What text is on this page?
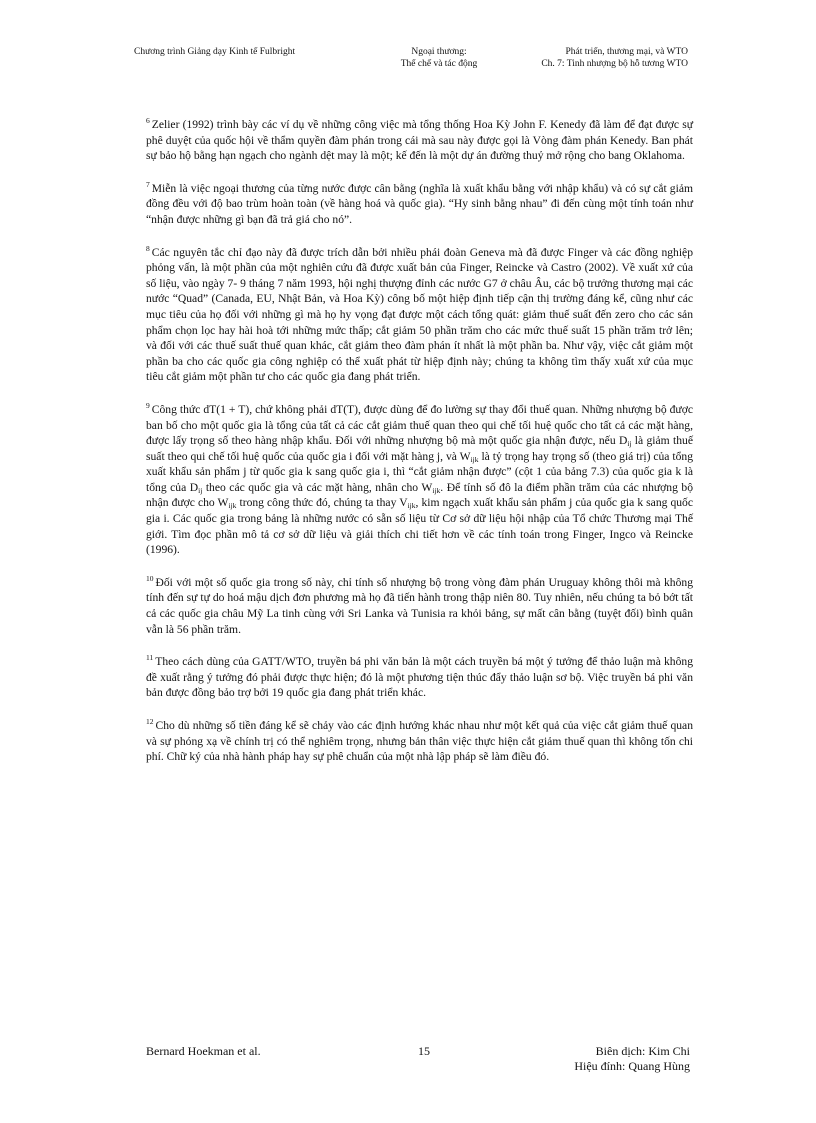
Chương trình Giảng dạy Kinh tế Fulbright	Ngoại thương:
Thể chế và tác động
Phát triển, thương mại, và WTO
Ch. 7: Tinh nhượng bộ hỗ tương WTO

$^6$ Zelier (1992) trình bày các ví dụ về những công việc mà tổng thống Hoa Kỳ John F. Kenedy đã làm để đạt được sự phê duyệt của quốc hội về thẩm quyền đàm phán trong cái mà sau này được gọi là Vòng đàm phán Kenedy. Ban phát sự bảo hộ bằng hạn ngạch cho ngành dệt may là một; kế đến là một dự án đường thuỷ mở rộng cho bang Oklahoma.

$^7$ Miễn là việc ngoại thương của từng nước được cân bằng (nghĩa là xuất khẩu bằng với nhập khẩu) và có sự cắt giảm đồng đều với độ bao trùm hoàn toàn (về hàng hoá và quốc gia). “Hy sinh bằng nhau” đi đến cùng một tính toán như “nhận được những gì bạn đã trả giá cho nó”.

$^8$ Các nguyên tắc chỉ đạo này đã được trích dẫn bởi nhiều phái đoàn Geneva mà đã được Finger và các đồng nghiệp phỏng vấn, là một phần của một nghiên cứu đã được xuất bản của Finger, Reincke và Castro (2002). Về xuất xứ của số liệu, vào ngày 7- 9 tháng 7 năm 1993, hội nghị thượng đỉnh các nước G7 ở châu Âu, các bộ trưởng thương mại các nước “Quad” (Canada, EU, Nhật Bản, và Hoa Kỳ) công bố một hiệp định tiếp cận thị trường đáng kể, cũng như các mục tiêu của họ đối với những gì mà họ hy vọng đạt được một cách tổng quát: giảm thuế suất đến zero cho các sản phẩm chọn lọc hay hài hoà tới những mức thấp; cắt giảm 50 phần trăm cho các mức thuế suất 15 phần trăm trở lên; và đối với các thuế suất thuế quan khác, cắt giảm theo đàm phán ít nhất là một phần ba. Như vậy, việc cắt giảm một phần ba cho các quốc gia công nghiệp có thể xuất phát từ hiệp định này; chúng ta không tìm thấy xuất xứ của mục tiêu cắt giảm một phần tư cho các quốc gia đang phát triển.

$^9$ Công thức dT(1 + T), chứ không phải dT(T), được dùng để đo lường sự thay đổi thuế quan. Những nhượng bộ được ban bố cho một quốc gia là tổng của tất cả các cắt giảm thuế quan theo qui chế tối huệ quốc cho tất cả các mặt hàng, được lấy trọng số theo hàng nhập khẩu. Đối với những nhượng bộ mà một quốc gia nhận được, nếu $D_{ij}$ là giảm thuế suất theo qui chế tối huệ quốc của quốc gia i đối với mặt hàng j, và $W_{ijk}$ là tỷ trọng hay trọng số (theo giá trị) của tổng xuất khẩu sản phẩm j từ quốc gia k sang quốc gia i, thì “cắt giảm nhận được” (cột 1 của bảng 7.3) của quốc gia k là tổng của $D_{ij}$ theo các quốc gia và các mặt hàng, nhân cho $W_{ijk}$. Để tính số đô la điểm phần trăm của các nhượng bộ nhận được cho $W_{ijk}$ trong công thức đó, chúng ta thay $V_{ijk}$, kim ngạch xuất khẩu sản phẩm j của quốc gia k sang quốc gia i. Các quốc gia trong bảng là những nước có sẵn số liệu từ Cơ sở dữ liệu hội nhập của Tổ chức Thương mại Thế giới. Tìm đọc phần mô tả cơ sở dữ liệu và giải thích chi tiết hơn về các tính toán trong Finger, Ingco và Reincke (1996).

$^{10}$ Đối với một số quốc gia trong số này, chỉ tính số nhượng bộ trong vòng đàm phán Uruguay không thôi mà không tính đến sự tự do hoá mậu dịch đơn phương mà họ đã tiến hành trong thập niên 80. Tuy nhiên, nếu chúng ta bỏ bớt tất cả các quốc gia châu Mỹ La tinh cùng với Sri Lanka và Tunisia ra khỏi bảng, sự mất cân bằng (tuyệt đối) bình quân vẫn là 56 phần trăm.

$^{11}$ Theo cách dùng của GATT/WTO, truyền bá phi văn bản là một cách truyền bá một ý tưởng để thảo luận mà không đề xuất rằng ý tưởng đó phải được thực hiện; đó là một phương tiện thúc đẩy thảo luận sơ bộ. Việc truyền bá phi văn bản được đồng bảo trợ bởi 19 quốc gia đang phát triển khác.

$^{12}$ Cho dù những số tiền đáng kể sẽ chảy vào các định hướng khác nhau như một kết quả của việc cắt giảm thuế quan và sự phóng xạ về chính trị có thể nghiêm trọng, nhưng bản thân việc thực hiện cắt giảm thuế quan thì không tốn chi phí. Chữ ký của nhà hành pháp hay sự phê chuẩn của một nhà lập pháp sẽ làm điều đó.

Bernard Hoekman et al.	15	Biên dịch: Kim Chi
Hiệu đính: Quang Hùng
